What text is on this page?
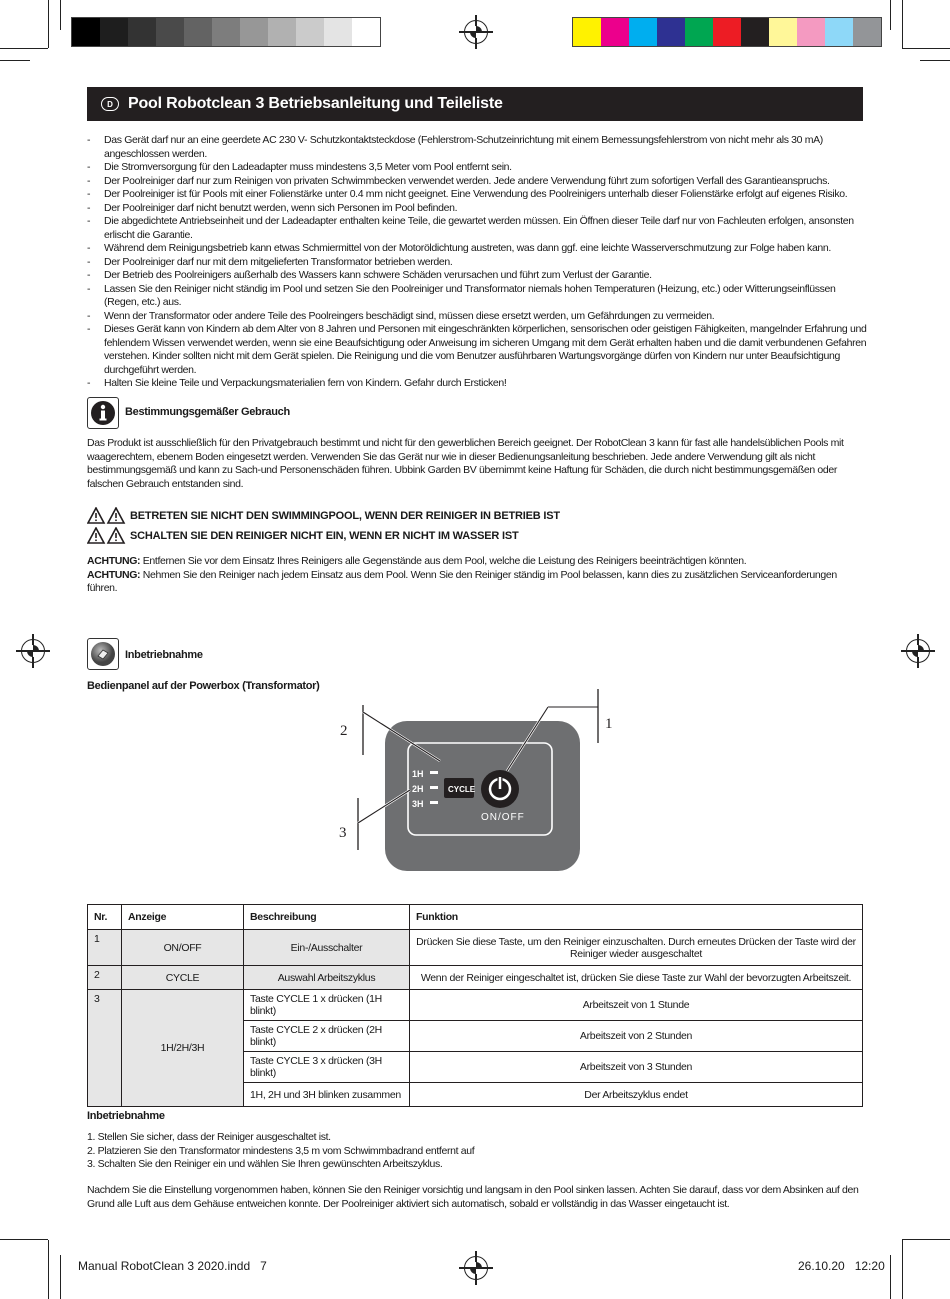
D Pool Robotclean 3 Betriebsanleitung und Teileliste
- Das Gerät darf nur an eine geerdete AC 230 V- Schutzkontaktsteckdose (Fehlerstrom-Schutzeinrichtung mit einem Bemessungsfehlerstrom von nicht mehr als 30 mA) angeschlossen werden.
- Die Stromversorgung für den Ladeadapter muss mindestens 3,5 Meter vom Pool entfernt sein.
- Der Poolreiniger darf nur zum Reinigen von privaten Schwimmbecken verwendet werden. Jede andere Verwendung führt zum sofortigen Verfall des Garantieanspruchs.
- Der Poolreiniger ist für Pools mit einer Folienstärke unter 0.4 mm nicht geeignet. Eine Verwendung des Poolreinigers unterhalb dieser Folienstärke erfolgt auf eigenes Risiko.
- Der Poolreiniger darf nicht benutzt werden, wenn sich Personen im Pool befinden.
- Die abgedichtete Antriebseinheit und der Ladeadapter enthalten keine Teile, die gewartet werden müssen. Ein Öffnen dieser Teile darf nur von Fachleuten erfolgen, ansonsten erlischt die Garantie.
- Während dem Reinigungsbetrieb kann etwas Schmiermittel von der Motoröldichtung austreten, was dann ggf. eine leichte Wasserverschmutzung zur Folge haben kann.
- Der Poolreiniger darf nur mit dem mitgelieferten Transformator betrieben werden.
- Der Betrieb des Poolreinigers außerhalb des Wassers kann schwere Schäden verursachen und führt zum Verlust der Garantie.
- Lassen Sie den Reiniger nicht ständig im Pool und setzen Sie den Poolreiniger und Transformator niemals hohen Temperaturen (Heizung, etc.) oder Witterungseinflüssen (Regen, etc.) aus.
- Wenn der Transformator oder andere Teile des Poolreingers beschädigt sind, müssen diese ersetzt werden, um Gefährdungen zu vermeiden.
- Dieses Gerät kann von Kindern ab dem Alter von 8 Jahren und Personen mit eingeschränkten körperlichen, sensorischen oder geistigen Fähigkeiten, mangelnder Erfahrung und fehlendem Wissen verwendet werden, wenn sie eine Beaufsichtigung oder Anweisung im sicheren Umgang mit dem Gerät erhalten haben und die damit verbundenen Gefahren verstehen. Kinder sollten nicht mit dem Gerät spielen. Die Reinigung und die vom Benutzer ausführbaren Wartungsvorgänge dürfen von Kindern nur unter Beaufsichtigung durchgeführt werden.
- Halten Sie kleine Teile und Verpackungsmaterialien fern von Kindern. Gefahr durch Ersticken!
Bestimmungsgemäßer Gebrauch
Das Produkt ist ausschließlich für den Privatgebrauch bestimmt und nicht für den gewerblichen Bereich geeignet. Der RobotClean 3 kann für fast alle handelsüblichen Pools mit waagerechtem, ebenem Boden eingesetzt werden. Verwenden Sie das Gerät nur wie in dieser Bedienungsanleitung beschrieben. Jede andere Verwendung gilt als nicht bestimmungsgemäß und kann zu Sach-und Personenschäden führen. Ubbink Garden BV übernimmt keine Haftung für Schäden, die durch nicht bestimmungsgemäßen oder falschen Gebrauch entstanden sind.
BETRETEN SIE NICHT DEN SWIMMINGPOOL, WENN DER REINIGER IN BETRIEB IST
SCHALTEN SIE DEN REINIGER NICHT EIN, WENN ER NICHT IM WASSER IST
ACHTUNG: Entfernen Sie vor dem Einsatz Ihres Reinigers alle Gegenstände aus dem Pool, welche die Leistung des Reinigers beeinträchtigen könnten.
ACHTUNG: Nehmen Sie den Reiniger nach jedem Einsatz aus dem Pool. Wenn Sie den Reiniger ständig im Pool belassen, kann dies zu zusätzlichen Serviceanforderungen führen.
Inbetriebnahme
Bedienpanel auf der Powerbox (Transformator)
1
2
3
1H
2H
3H
CYCLE
ON/OFF
Nr.	Anzeige	Beschreibung	Funktion
1	ON/OFF	Ein-/Ausschalter	Drücken Sie diese Taste, um den Reiniger einzuschalten. Durch erneutes Drücken der Taste wird der Reiniger wieder ausgeschaltet
2	CYCLE	Auswahl Arbeitszyklus	Wenn der Reiniger eingeschaltet ist, drücken Sie diese Taste zur Wahl der bevorzugten Arbeitszeit.
3	1H/2H/3H	Taste CYCLE 1 x drücken (1H blinkt)	Arbeitszeit von 1 Stunde
		Taste CYCLE 2 x drücken (2H blinkt)	Arbeitszeit von 2 Stunden
		Taste CYCLE 3 x drücken (3H blinkt)	Arbeitszeit von 3 Stunden
		1H, 2H und 3H blinken zusammen	Der Arbeitszyklus endet
Inbetriebnahme
1. Stellen Sie sicher, dass der Reiniger ausgeschaltet ist.
2. Platzieren Sie den Transformator mindestens 3,5 m vom Schwimmbadrand entfernt auf
3. Schalten Sie den Reiniger ein und wählen Sie Ihren gewünschten Arbeitszyklus.
Nachdem Sie die Einstellung vorgenommen haben, können Sie den Reiniger vorsichtig und langsam in den Pool sinken lassen. Achten Sie darauf, dass vor dem Absinken auf den Grund alle Luft aus dem Gehäuse entweichen konnte. Der Poolreiniger aktiviert sich automatisch, sobald er vollständig in das Wasser eingetaucht ist.
Manual RobotClean 3 2020.indd   7	26.10.20   12:20
